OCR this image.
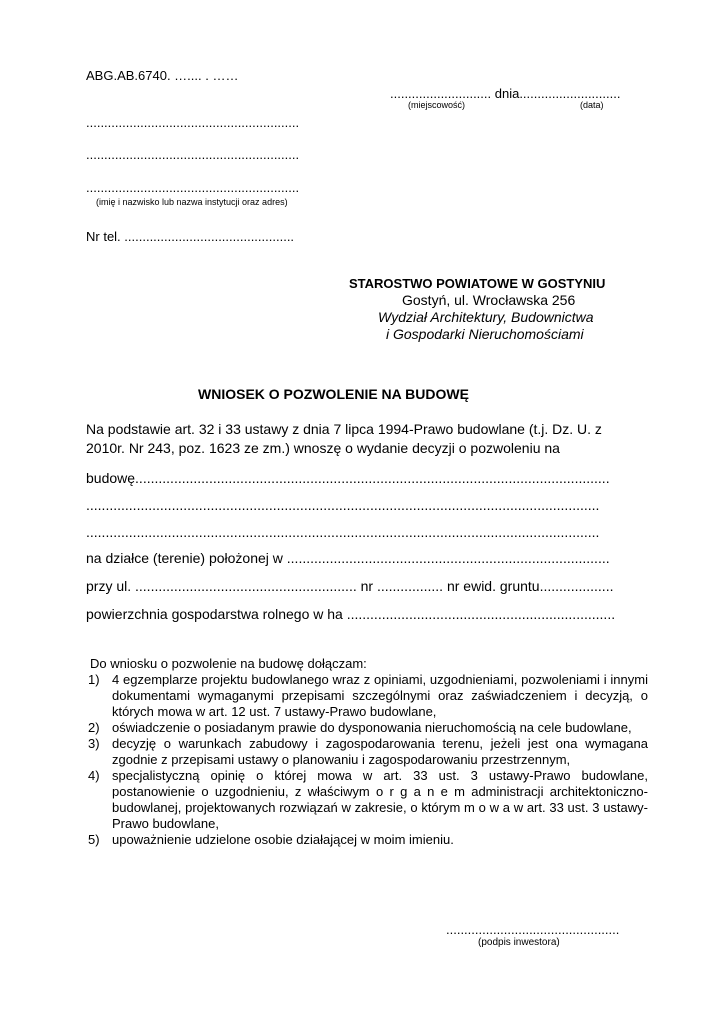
ABG.AB.6740. ….... . ……
............................ dnia............................
(miejscowość)	(data)
...........................................................
...........................................................
...........................................................
(imię i nazwisko lub nazwa instytucji oraz adres)
Nr tel. ...............................................
STAROSTWO POWIATOWE W GOSTYNIU
Gostyń, ul. Wrocławska 256
Wydział Architektury, Budownictwa
i Gospodarki Nieruchomościami
WNIOSEK O POZWOLENIE NA BUDOWĘ
Na podstawie art. 32 i 33 ustawy z dnia 7 lipca 1994-Prawo budowlane (t.j. Dz. U. z
2010r. Nr 243, poz. 1623 ze zm.) wnoszę o wydanie decyzji o pozwoleniu na
budowę..........................................................................................................................
....................................................................................................................................
....................................................................................................................................
na działce (terenie) położonej w ...................................................................................
przy ul. ......................................................... nr ................. nr ewid. gruntu...................
powierzchnia gospodarstwa rolnego w ha .....................................................................
Do wniosku o pozwolenie na budowę dołączam:
1) 4 egzemplarze projektu budowlanego wraz z opiniami, uzgodnieniami, pozwoleniami i innymi dokumentami wymaganymi przepisami szczególnymi oraz zaświadczeniem i decyzją, o których mowa w art. 12 ust. 7 ustawy-Prawo budowlane,
2) oświadczenie o posiadanym prawie do dysponowania nieruchomością na cele budowlane,
3) decyzję o warunkach zabudowy i zagospodarowania terenu, jeżeli jest ona wymagana zgodnie z przepisami ustawy o planowaniu i zagospodarowaniu przestrzennym,
4) specjalistyczną opinię o której mowa w art. 33 ust. 3 ustawy-Prawo budowlane, postanowienie o uzgodnieniu, z właściwym o r g a n e m administracji architektoniczno-budowlanej, projektowanych rozwiązań w zakresie, o którym m o w a w art. 33 ust. 3 ustawy-Prawo budowlane,
5) upoważnienie udzielone osobie działającej w moim imieniu.
................................................
(podpis inwestora)
